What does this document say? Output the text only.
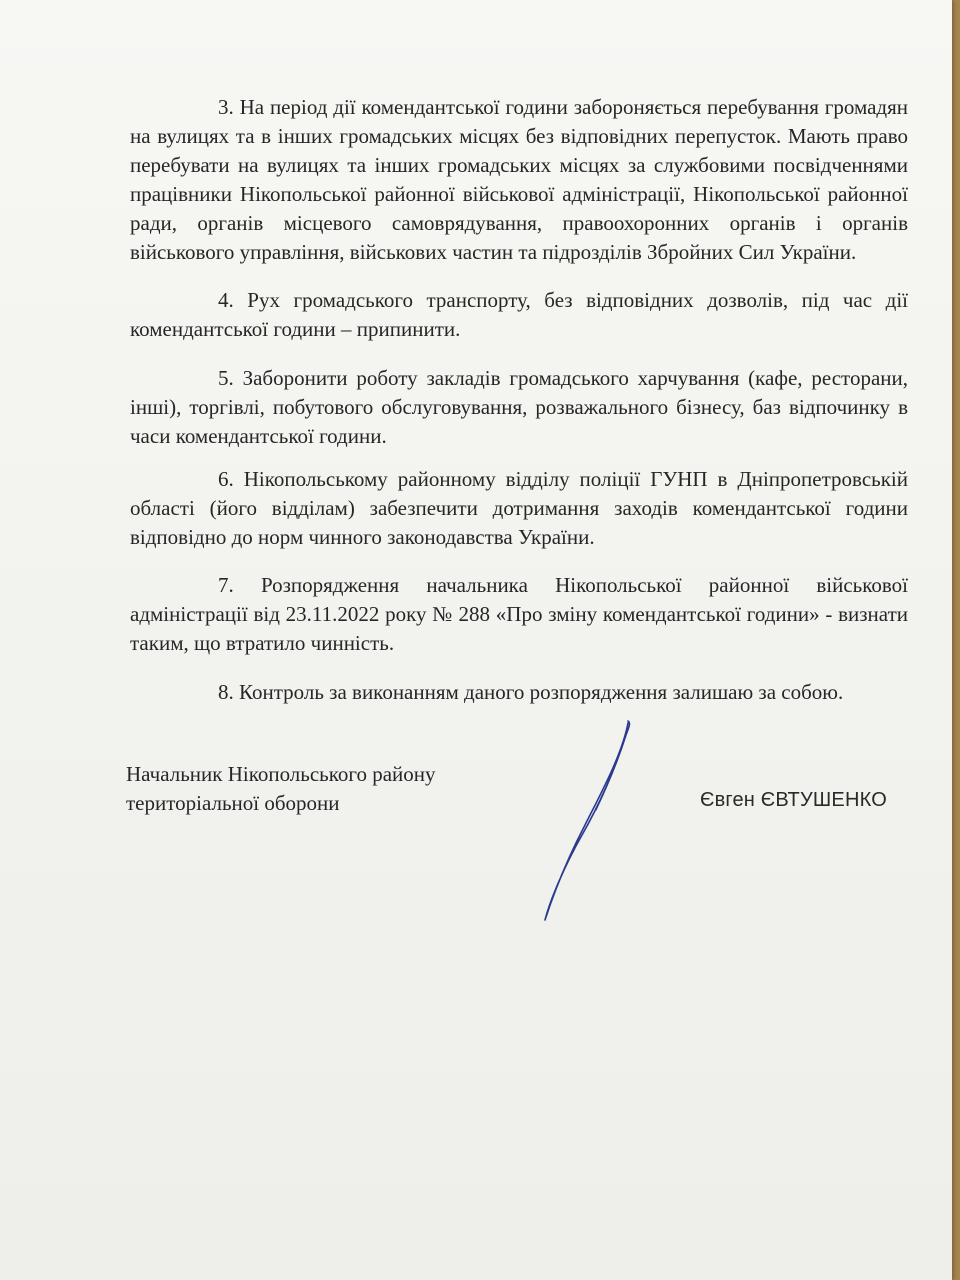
3. На період дії комендантської години забороняється перебування громадян на вулицях та в інших громадських місцях без відповідних перепусток. Мають право перебувати на вулицях та інших громадських місцях за службовими посвідченнями працівники Нікопольської районної військової адміністрації, Нікопольської районної ради, органів місцевого самоврядування, правоохоронних органів і органів військового управління, військових частин та підрозділів Збройних Сил України.
4. Рух громадського транспорту, без відповідних дозволів, під час дії комендантської години – припинити.
5. Заборонити роботу закладів громадського харчування (кафе, ресторани, інші), торгівлі, побутового обслуговування, розважального бізнесу, баз відпочинку в часи комендантської години.
6. Нікопольському районному відділу поліції ГУНП в Дніпропетровській області (його відділам) забезпечити дотримання заходів комендантської години відповідно до норм чинного законодавства України.
7. Розпорядження начальника Нікопольської районної військової адміністрації від 23.11.2022 року № 288 «Про зміну комендантської години» - визнати таким, що втратило чинність.
8. Контроль за виконанням даного розпорядження залишаю за собою.
Начальник Нікопольського району
територіальної оборони	Євген ЄВТУШЕНКО
